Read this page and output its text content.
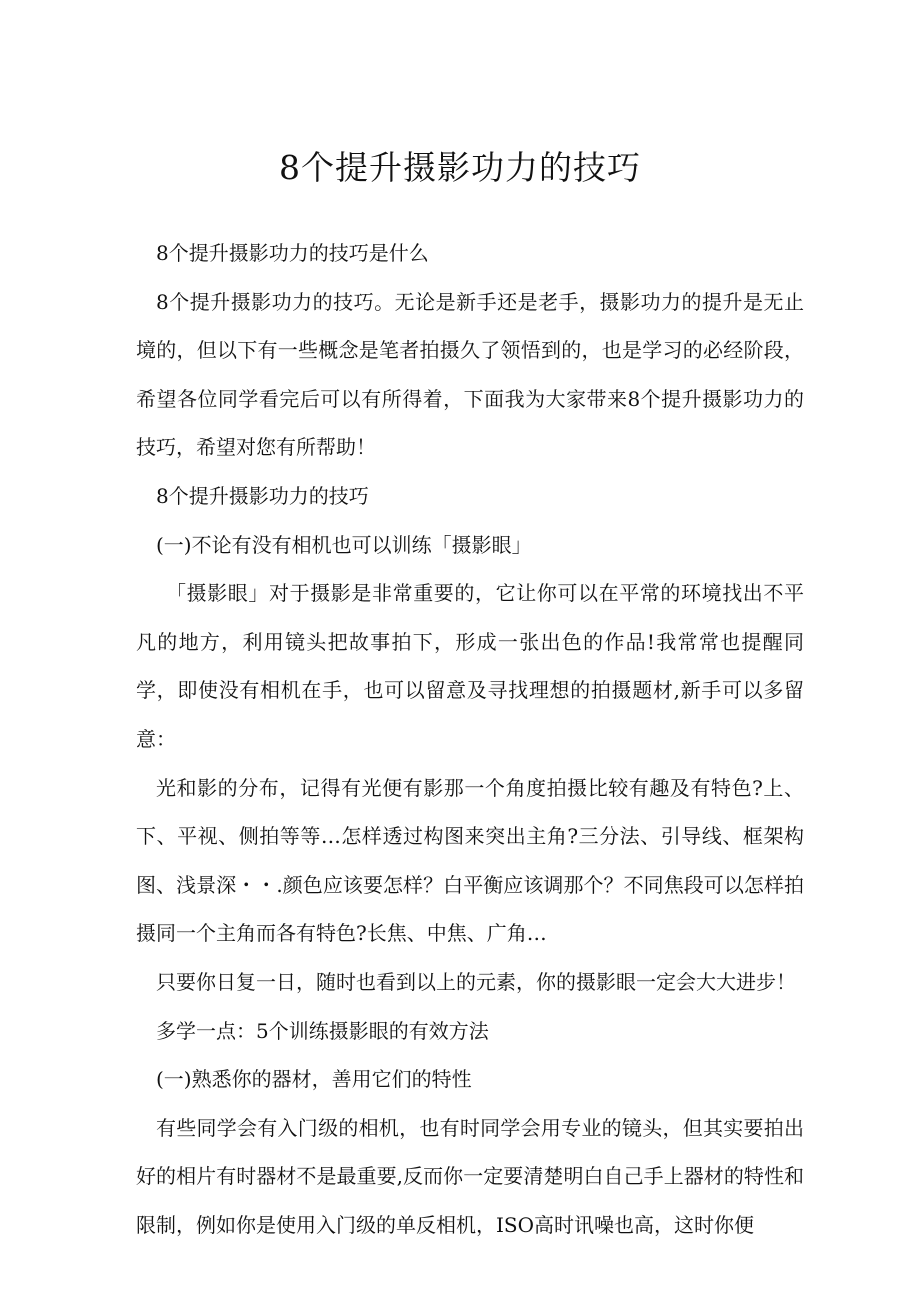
8个提升摄影功力的技巧

8个提升摄影功力的技巧是什么

8个提升摄影功力的技巧。无论是新手还是老手，摄影功力的提升是无止境的，但以下有一些概念是笔者拍摄久了领悟到的，也是学习的必经阶段，希望各位同学看完后可以有所得着，下面我为大家带来8个提升摄影功力的技巧，希望对您有所帮助！

8个提升摄影功力的技巧

(一)不论有没有相机也可以训练「摄影眼」

「摄影眼」对于摄影是非常重要的，它让你可以在平常的环境找出不平凡的地方，利用镜头把故事拍下，形成一张出色的作品!我常常也提醒同学，即使没有相机在手，也可以留意及寻找理想的拍摄题材,新手可以多留意：

光和影的分布，记得有光便有影那一个角度拍摄比较有趣及有特色?上、下、平视、侧拍等等…怎样透过构图来突出主角?三分法、引导线、框架构图、浅景深・・.颜色应该要怎样？白平衡应该调那个？不同焦段可以怎样拍摄同一个主角而各有特色?长焦、中焦、广角…

只要你日复一日，随时也看到以上的元素，你的摄影眼一定会大大进步！

多学一点：5个训练摄影眼的有效方法

(一)熟悉你的器材，善用它们的特性

有些同学会有入门级的相机，也有时同学会用专业的镜头，但其实要拍出好的相片有时器材不是最重要,反而你一定要清楚明白自己手上器材的特性和限制，例如你是使用入门级的单反相机，ISO高时讯噪也高，这时你便
